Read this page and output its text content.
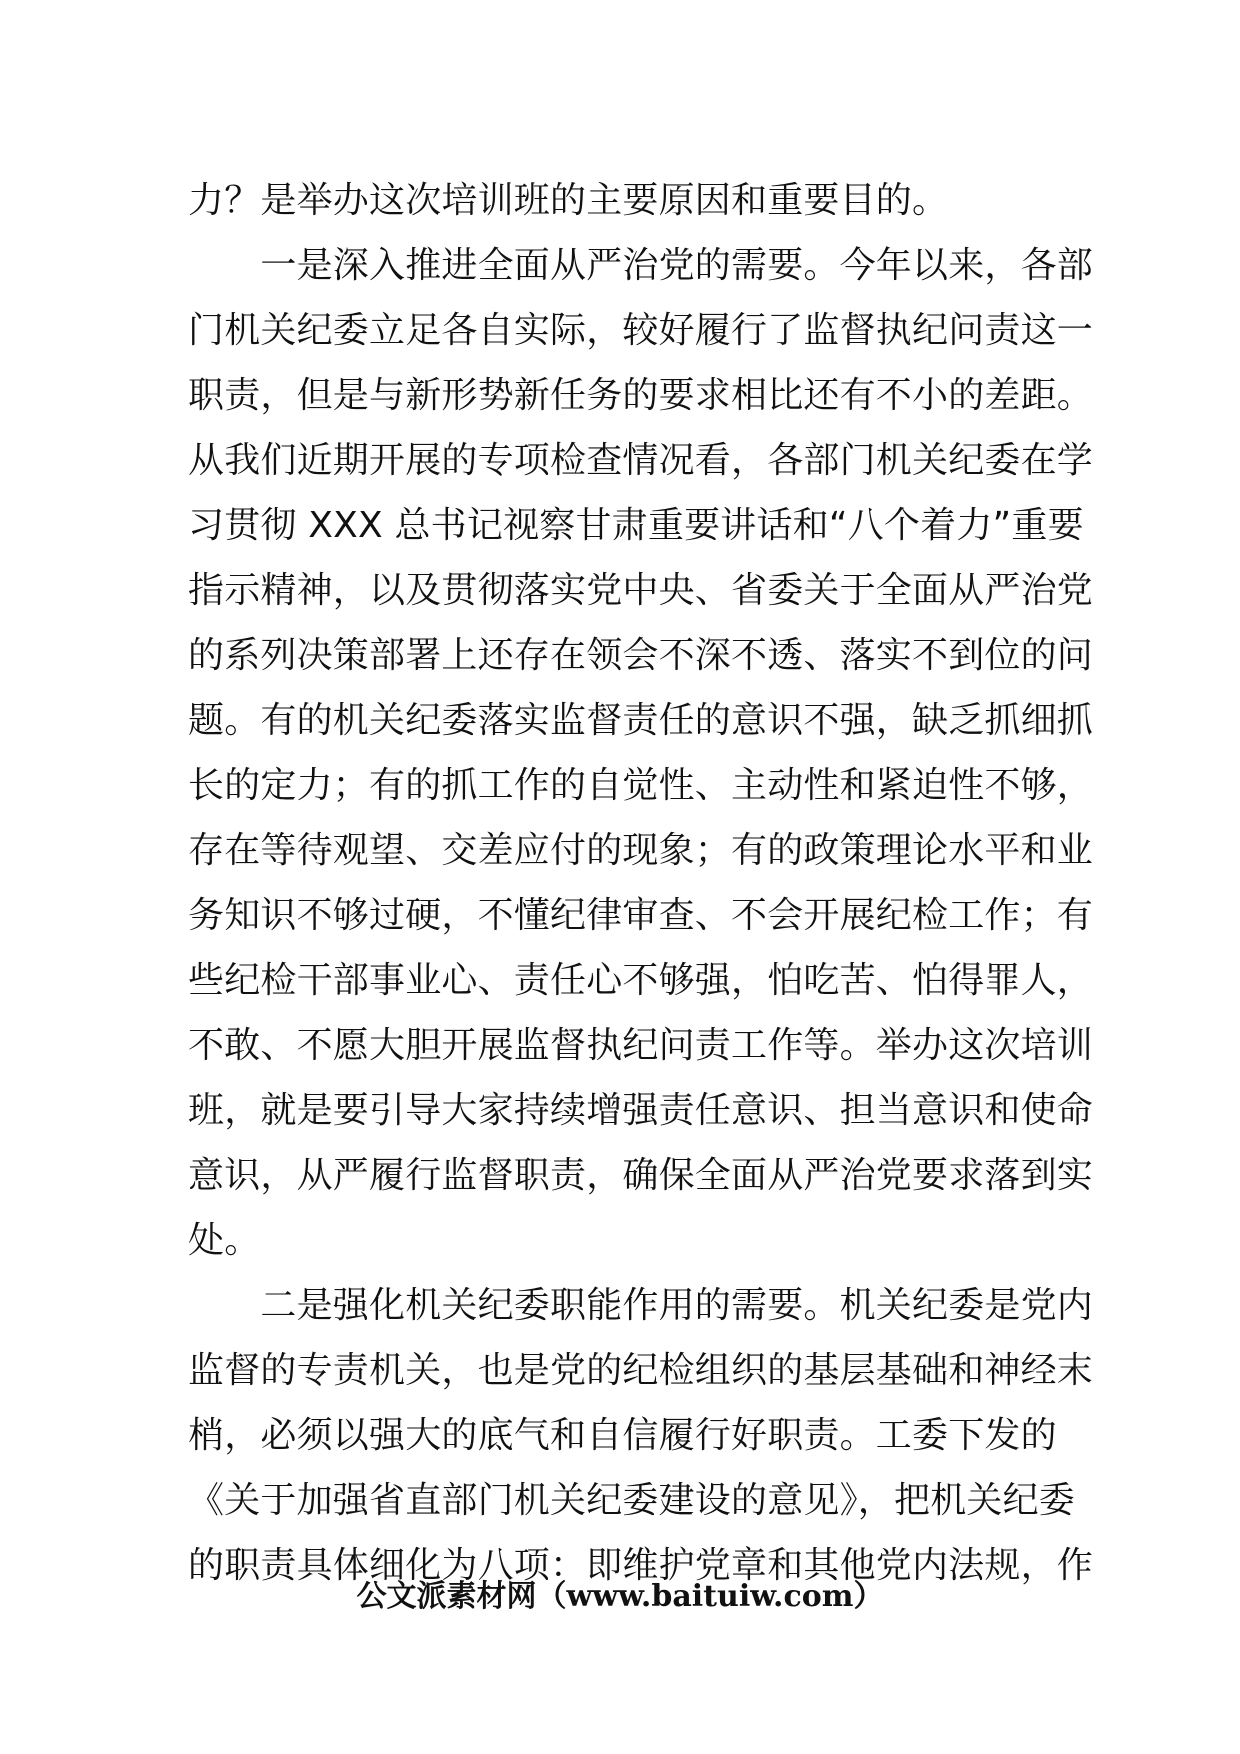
力？是举办这次培训班的主要原因和重要目的。
　　一是深入推进全面从严治党的需要。今年以来，各部
门机关纪委立足各自实际，较好履行了监督执纪问责这一
职责，但是与新形势新任务的要求相比还有不小的差距。
从我们近期开展的专项检查情况看，各部门机关纪委在学
习贯彻 XXX 总书记视察甘肃重要讲话和“八个着力”重要
指示精神，以及贯彻落实党中央、省委关于全面从严治党
的系列决策部署上还存在领会不深不透、落实不到位的问
题。有的机关纪委落实监督责任的意识不强，缺乏抓细抓
长的定力；有的抓工作的自觉性、主动性和紧迫性不够，
存在等待观望、交差应付的现象；有的政策理论水平和业
务知识不够过硬，不懂纪律审查、不会开展纪检工作；有
些纪检干部事业心、责任心不够强，怕吃苦、怕得罪人，
不敢、不愿大胆开展监督执纪问责工作等。举办这次培训
班，就是要引导大家持续增强责任意识、担当意识和使命
意识，从严履行监督职责，确保全面从严治党要求落到实
处。
　　二是强化机关纪委职能作用的需要。机关纪委是党内
监督的专责机关，也是党的纪检组织的基层基础和神经末
梢，必须以强大的底气和自信履行好职责。工委下发的
《关于加强省直部门机关纪委建设的意见》，把机关纪委
的职责具体细化为八项：即维护党章和其他党内法规，作
公文派素材网（www.baituiw.com）
